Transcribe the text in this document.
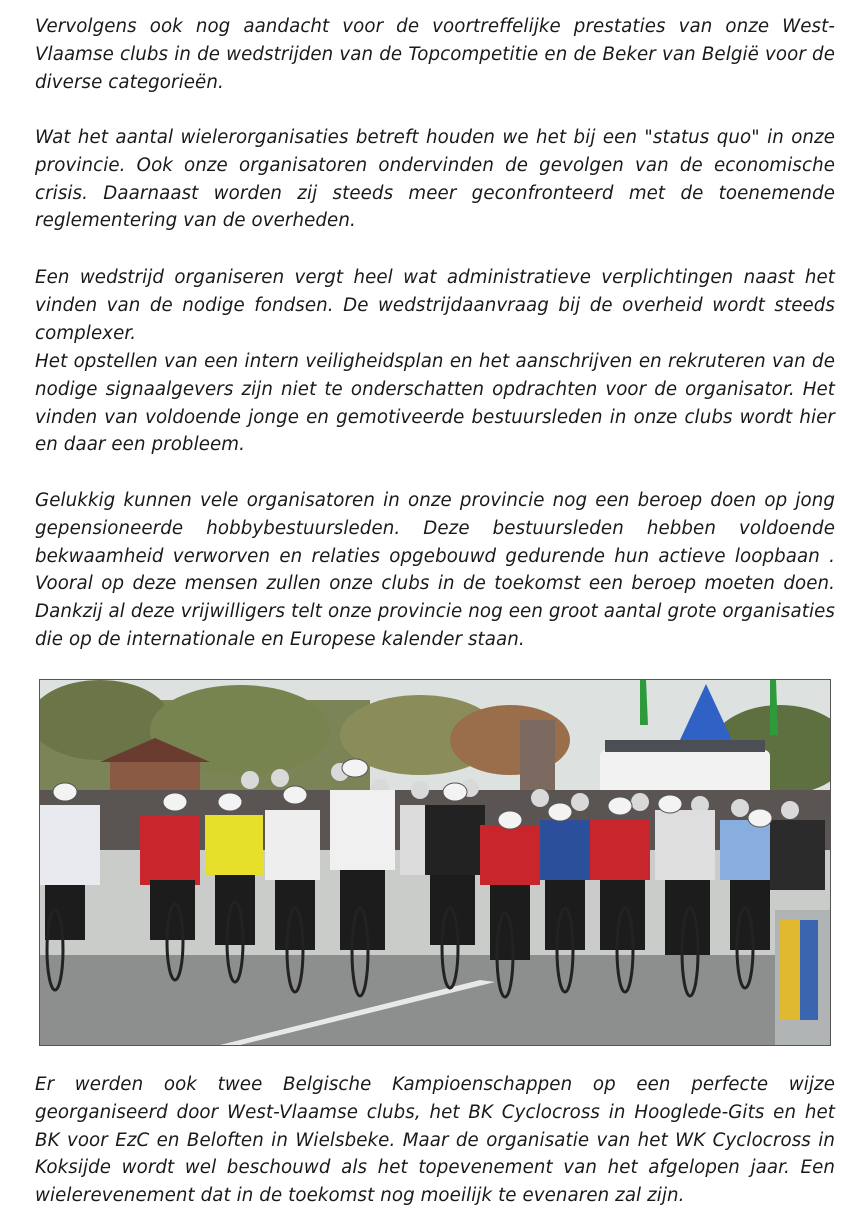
Vervolgens ook nog aandacht voor de voortreffelijke prestaties van onze West-Vlaamse clubs in de wedstrijden van de Topcompetitie en de Beker van België voor de diverse categorieën.

Wat het aantal wielerorganisaties betreft houden we het bij een "status quo" in onze provincie. Ook onze organisatoren ondervinden de gevolgen van de economische crisis. Daarnaast worden zij steeds meer geconfronteerd met de toenemende reglementering van de overheden.

Een wedstrijd organiseren vergt heel wat administratieve verplichtingen naast het vinden van de nodige fondsen. De wedstrijdaanvraag bij de overheid wordt steeds complexer.

Het opstellen van een intern veiligheidsplan en het aanschrijven en rekruteren van de nodige signaalgevers zijn niet te onderschatten opdrachten voor de organisator. Het vinden van voldoende jonge en gemotiveerde bestuursleden in onze clubs wordt hier en daar een probleem.

Gelukkig kunnen vele organisatoren in onze provincie nog een beroep doen op jong gepensioneerde hobbybestuursleden. Deze bestuursleden hebben voldoende bekwaamheid verworven en relaties opgebouwd gedurende hun actieve loopbaan . Vooral op deze mensen zullen onze clubs in de toekomst een beroep moeten doen. Dankzij al deze vrijwilligers telt onze provincie nog een groot aantal grote organisaties die op de internationale en Europese kalender staan.

Er werden ook twee Belgische Kampioenschappen op een perfecte wijze georganiseerd door West-Vlaamse clubs, het BK Cyclocross in Hooglede-Gits en het BK voor EzC en Beloften in Wielsbeke. Maar de organisatie van het WK Cyclocross in Koksijde wordt wel beschouwd als het topevenement van het afgelopen jaar. Een wielerevenement dat in de toekomst nog moeilijk te evenaren zal zijn.
